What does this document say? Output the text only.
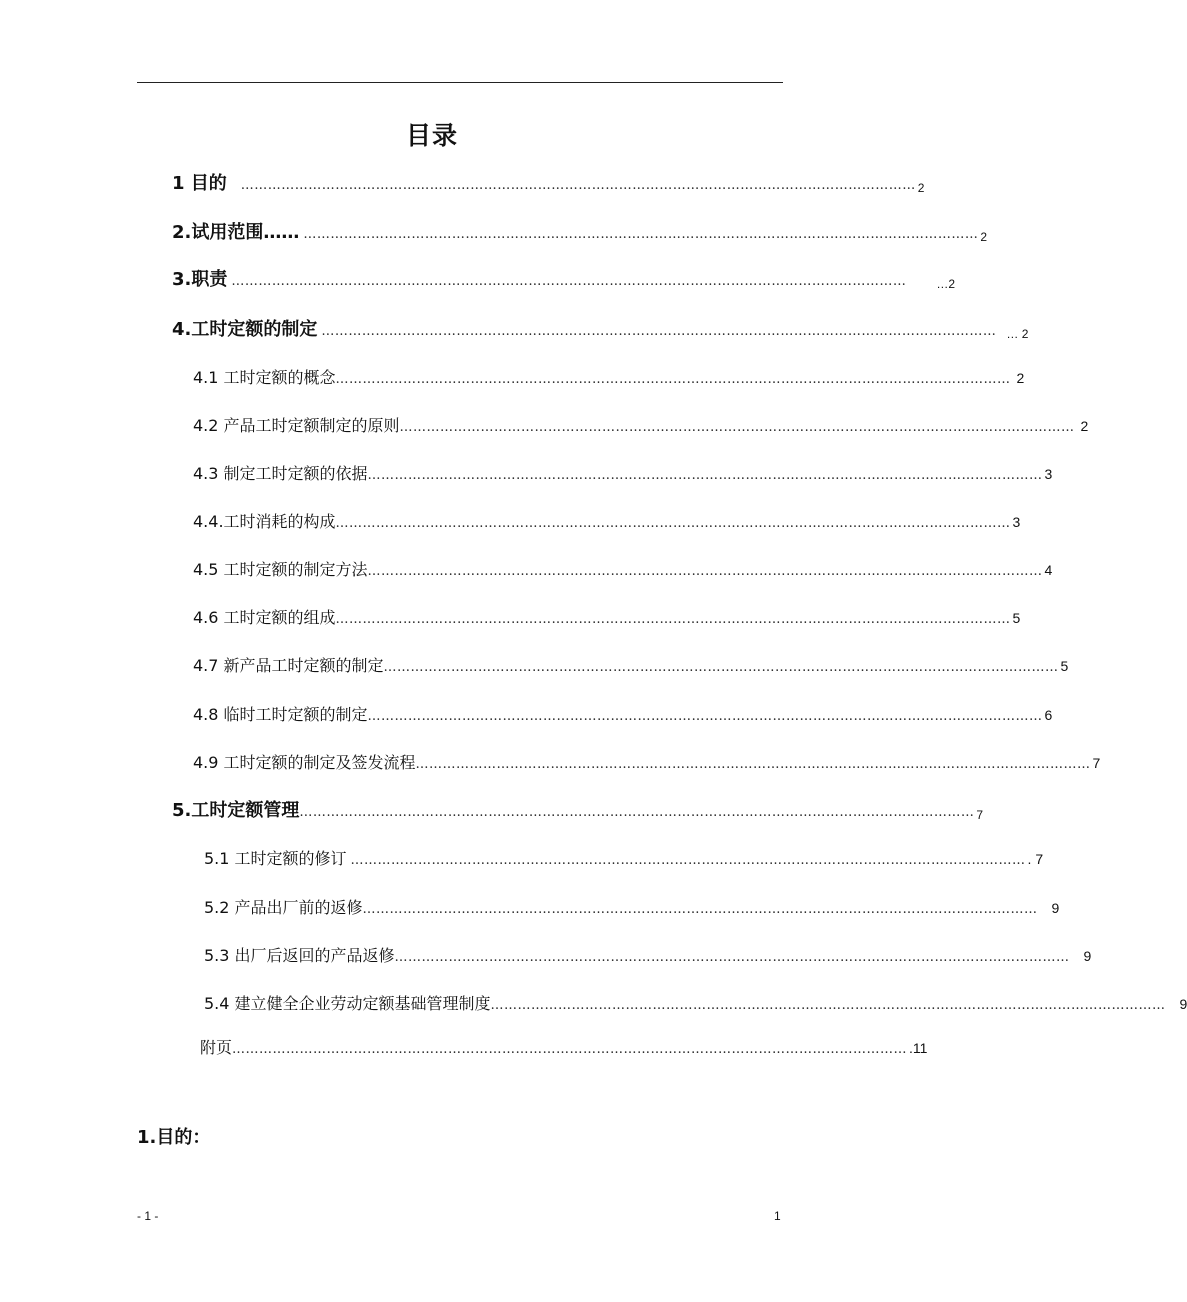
目录
1 目的	…………………………………………………………………………………………………………………………………… 2
2.试用范围…… …………………………………………………………………………………………………………………………………… 2
3.职责 ……………………………………………………………………………………………………………………………………	…2
4.工时定额的制定 …………………………………………………………………………………………………………………………………… … 2
4.1 工时定额的概念 …………………………………………………………………………………………………………………………………… 2
4.2 产品工时定额制定的原则 …………………………………………………………………………………………………………………………………… 2
4.3 制定工时定额的依据 …………………………………………………………………………………………………………………………………… 3
4.4.工时消耗的构成 …………………………………………………………………………………………………………………………………… 3
4.5 工时定额的制定方法 …………………………………………………………………………………………………………………………………… 4
4.6 工时定额的组成 …………………………………………………………………………………………………………………………………… 5
4.7 新产品工时定额的制定 …………………………………………………………………………………………………………………………………… 5
4.8 临时工时定额的制定 …………………………………………………………………………………………………………………………………… 6
4.9 工时定额的制定及签发流程 …………………………………………………………………………………………………………………………………… 7
5.工时定额管理 …………………………………………………………………………………………………………………………………… 7
5.1 工时定额的修订 …………………………………………………………………………………………………………………………………… . 7
5.2 产品出厂前的返修 ……………………………………………………………………………………………………………………………………	9
5.3 出厂后返回的产品返修 ……………………………………………………………………………………………………………………………………	9
5.4 建立健全企业劳动定额基础管理制度 ……………………………………………………………………………………………………………………………………	9
附页 …………………………………………………………………………………………………………………………………… .11
1.目的：
- 1 -	1
